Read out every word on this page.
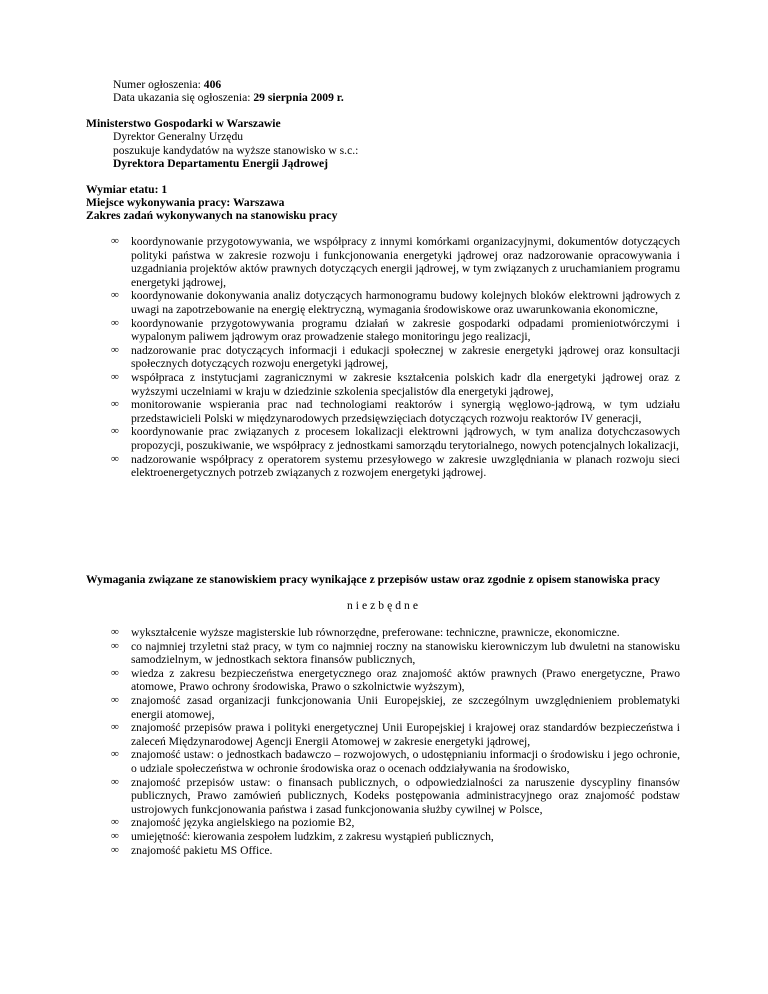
Numer ogłoszenia: 406
Data ukazania się ogłoszenia: 29 sierpnia 2009 r.
Ministerstwo Gospodarki w Warszawie
Dyrektor Generalny Urzędu
poszukuje kandydatów na wyższe stanowisko w s.c.:
Dyrektora Departamentu Energii Jądrowej
Wymiar etatu: 1
Miejsce wykonywania pracy: Warszawa
Zakres zadań wykonywanych na stanowisku pracy
∞ koordynowanie przygotowywania, we współpracy z innymi komórkami organizacyjnymi, dokumentów dotyczących polityki państwa w zakresie rozwoju i funkcjonowania energetyki jądrowej oraz nadzorowanie opracowywania i uzgadniania projektów aktów prawnych dotyczących energii jądrowej, w tym związanych z uruchamianiem programu energetyki jądrowej,
∞ koordynowanie dokonywania analiz dotyczących harmonogramu budowy kolejnych bloków elektrowni jądrowych z uwagi na zapotrzebowanie na energię elektryczną, wymagania środowiskowe oraz uwarunkowania ekonomiczne,
∞ koordynowanie przygotowywania programu działań w zakresie gospodarki odpadami promieniotwórczymi i wypalonym paliwem jądrowym oraz prowadzenie stałego monitoringu jego realizacji,
∞ nadzorowanie prac dotyczących informacji i edukacji społecznej w zakresie energetyki jądrowej oraz konsultacji społecznych dotyczących rozwoju energetyki jądrowej,
∞ współpraca z instytucjami zagranicznymi w zakresie kształcenia polskich kadr dla energetyki jądrowej oraz z wyższymi uczelniami w kraju w dziedzinie szkolenia specjalistów dla energetyki jądrowej,
∞ monitorowanie wspierania prac nad technologiami reaktorów i synergią węglowo-jądrową, w tym udziału przedstawicieli Polski w międzynarodowych przedsięwzięciach dotyczących rozwoju reaktorów IV generacji,
∞ koordynowanie prac związanych z procesem lokalizacji elektrowni jądrowych, w tym analiza dotychczasowych propozycji, poszukiwanie, we współpracy z jednostkami samorządu terytorialnego, nowych potencjalnych lokalizacji,
∞ nadzorowanie współpracy z operatorem systemu przesyłowego w zakresie uwzględniania w planach rozwoju sieci elektroenergetycznych potrzeb związanych z rozwojem energetyki jądrowej.
Wymagania związane ze stanowiskiem pracy wynikające z przepisów ustaw oraz zgodnie z opisem stanowiska pracy
niezbędne
∞ wykształcenie wyższe magisterskie lub równorzędne, preferowane: techniczne, prawnicze, ekonomiczne.
∞ co najmniej trzyletni staż pracy, w tym co najmniej roczny na stanowisku kierowniczym lub dwuletni na stanowisku samodzielnym, w jednostkach sektora finansów publicznych,
∞ wiedza z zakresu bezpieczeństwa energetycznego oraz znajomość aktów prawnych (Prawo energetyczne, Prawo atomowe, Prawo ochrony środowiska, Prawo o szkolnictwie wyższym),
∞ znajomość zasad organizacji funkcjonowania Unii Europejskiej, ze szczególnym uwzględnieniem problematyki energii atomowej,
∞ znajomość przepisów prawa i polityki energetycznej Unii Europejskiej i krajowej oraz standardów bezpieczeństwa i zaleceń Międzynarodowej Agencji Energii Atomowej w zakresie energetyki jądrowej,
∞ znajomość ustaw: o jednostkach badawczo – rozwojowych, o udostępnianiu informacji o środowisku i jego ochronie, o udziale społeczeństwa w ochronie środowiska oraz o ocenach oddziaływania na środowisko,
∞ znajomość przepisów ustaw: o finansach publicznych, o odpowiedzialności za naruszenie dyscypliny finansów publicznych, Prawo zamówień publicznych, Kodeks postępowania administracyjnego oraz znajomość podstaw ustrojowych funkcjonowania państwa i zasad funkcjonowania służby cywilnej w Polsce,
∞ znajomość języka angielskiego na poziomie B2,
∞ umiejętność: kierowania zespołem ludzkim, z zakresu wystąpień publicznych,
∞ znajomość pakietu MS Office.
